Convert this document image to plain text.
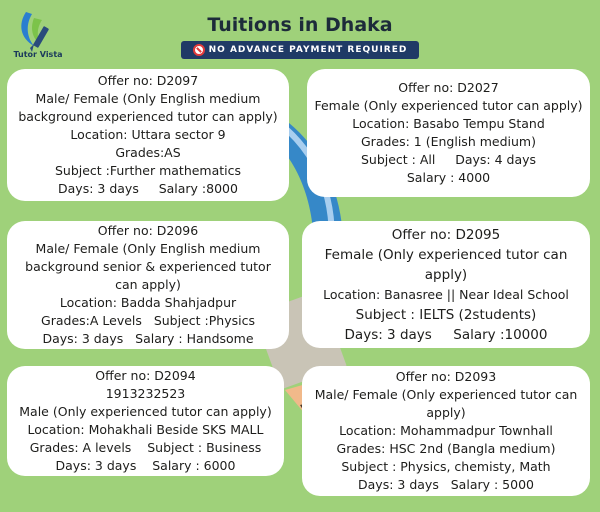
Tutor Vista
Tuitions in Dhaka
NO ADVANCE PAYMENT REQUIRED
Offer no: D2097
Male/ Female (Only English medium background experienced tutor can apply)
Location: Uttara sector 9
Grades:AS
Subject :Further mathematics
Days: 3 days     Salary :8000
Offer no: D2027
Female (Only experienced tutor can apply)
Location: Basabo Tempu Stand
Grades: 1 (English medium)
Subject : All     Days: 4 days
Salary : 4000
Offer no: D2096
Male/ Female (Only English medium background senior & experienced tutor can apply)
Location: Badda Shahjadpur
Grades:A Levels   Subject :Physics
Days: 3 days   Salary : Handsome
Offer no: D2095
Female (Only experienced tutor can apply)
Location: Banasree || Near Ideal School
Subject : IELTS (2students)
Days: 3 days     Salary :10000
Offer no: D2094
1913232523
Male (Only experienced tutor can apply)
Location: Mohakhali Beside SKS MALL
Grades: A levels    Subject : Business
Days: 3 days    Salary : 6000
Offer no: D2093
Male/ Female (Only experienced tutor can apply)
Location: Mohammadpur Townhall
Grades: HSC 2nd (Bangla medium)
Subject : Physics, chemisty, Math
Days: 3 days   Salary : 5000
